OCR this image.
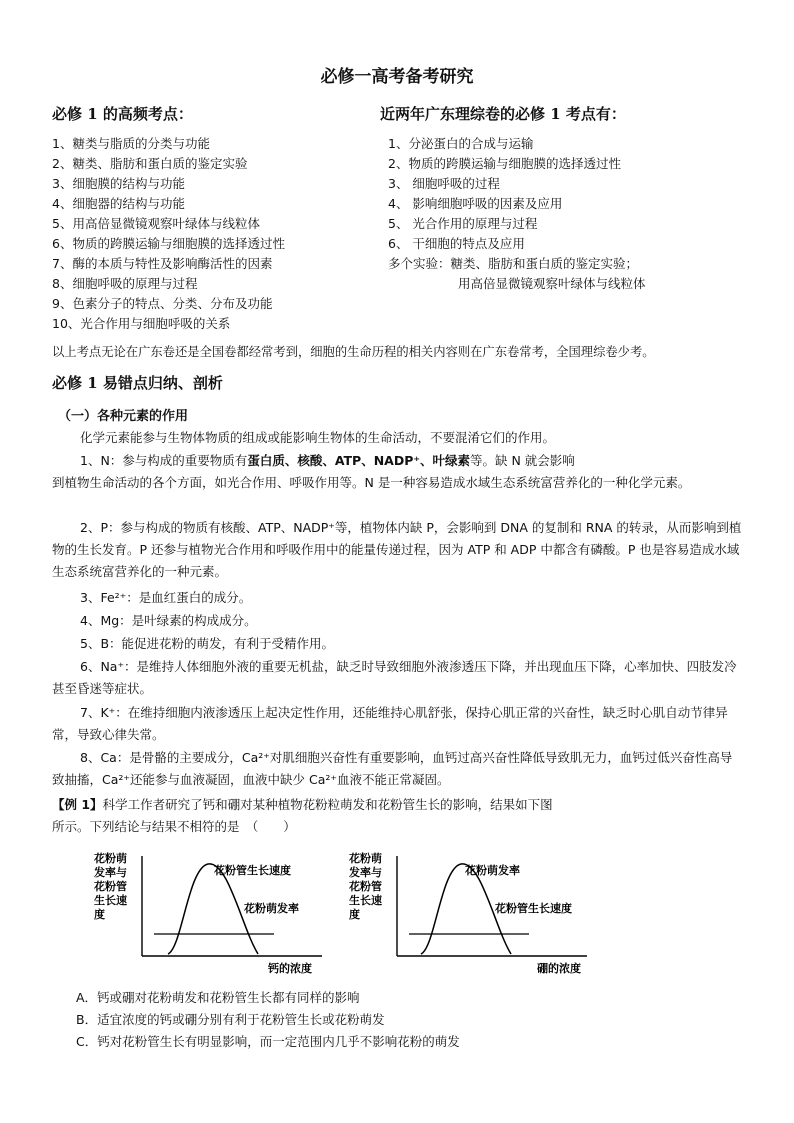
必修一高考备考研究
必修 1 的高频考点：	近两年广东理综卷的必修 1 考点有：
1、糖类与脂质的分类与功能
2、糖类、脂肪和蛋白质的鉴定实验
3、细胞膜的结构与功能
4、细胞器的结构与功能
5、用高倍显微镜观察叶绿体与线粒体
6、物质的跨膜运输与细胞膜的选择透过性
7、酶的本质与特性及影响酶活性的因素
8、细胞呼吸的原理与过程
9、色素分子的特点、分类、分布及功能
10、光合作用与细胞呼吸的关系
1、分泌蛋白的合成与运输
2、物质的跨膜运输与细胞膜的选择透过性
3、 细胞呼吸的过程
4、 影响细胞呼吸的因素及应用
5、 光合作用的原理与过程
6、 干细胞的特点及应用
多个实验：糖类、脂肪和蛋白质的鉴定实验；
用高倍显微镜观察叶绿体与线粒体
以上考点无论在广东卷还是全国卷都经常考到，细胞的生命历程的相关内容则在广东卷常考，全国理综卷少考。
必修 1 易错点归纳、剖析
（一）各种元素的作用
化学元素能参与生物体物质的组成或能影响生物体的生命活动，不要混淆它们的作用。
1、N：参与构成的重要物质有蛋白质、核酸、ATP、NADP⁺、叶绿素等。缺 N 就会影响
到植物生命活动的各个方面，如光合作用、呼吸作用等。N 是一种容易造成水域生态系统富营养化的一种化学元素。
2、P：参与构成的物质有核酸、ATP、NADP⁺等，植物体内缺 P，会影响到 DNA 的复制和 RNA 的转录，从而影响到植物的生长发育。P 还参与植物光合作用和呼吸作用中的能量传递过程，因为 ATP 和 ADP 中都含有磷酸。P 也是容易造成水域生态系统富营养化的一种元素。
3、Fe²⁺：是血红蛋白的成分。
4、Mg：是叶绿素的构成成分。
5、B：能促进花粉的萌发，有利于受精作用。
6、Na⁺：是维持人体细胞外液的重要无机盐，缺乏时导致细胞外液渗透压下降，并出现血压下降，心率加快、四肢发冷甚至昏迷等症状。
7、K⁺：在维持细胞内液渗透压上起决定性作用，还能维持心肌舒张，保持心肌正常的兴奋性，缺乏时心肌自动节律异常，导致心律失常。
8、Ca：是骨骼的主要成分，Ca²⁺对肌细胞兴奋性有重要影响，血钙过高兴奋性降低导致肌无力，血钙过低兴奋性高导致抽搐，Ca²⁺还能参与血液凝固，血液中缺少 Ca²⁺血液不能正常凝固。
【例 1】科学工作者研究了钙和硼对某种植物花粉粒萌发和花粉管生长的影响，结果如下图
所示。下列结论与结果不相符的是　（　　）
花粉萌
发率与
花粉管
生长速
度
花粉管生长速度
花粉萌发率
钙的浓度
花粉萌
发率与
花粉管
生长速
度
花粉萌发率
花粉管生长速度
硼的浓度
A．钙或硼对花粉萌发和花粉管生长都有同样的影响
B．适宜浓度的钙或硼分别有利于花粉管生长或花粉萌发
C．钙对花粉管生长有明显影响，而一定范围内几乎不影响花粉的萌发
